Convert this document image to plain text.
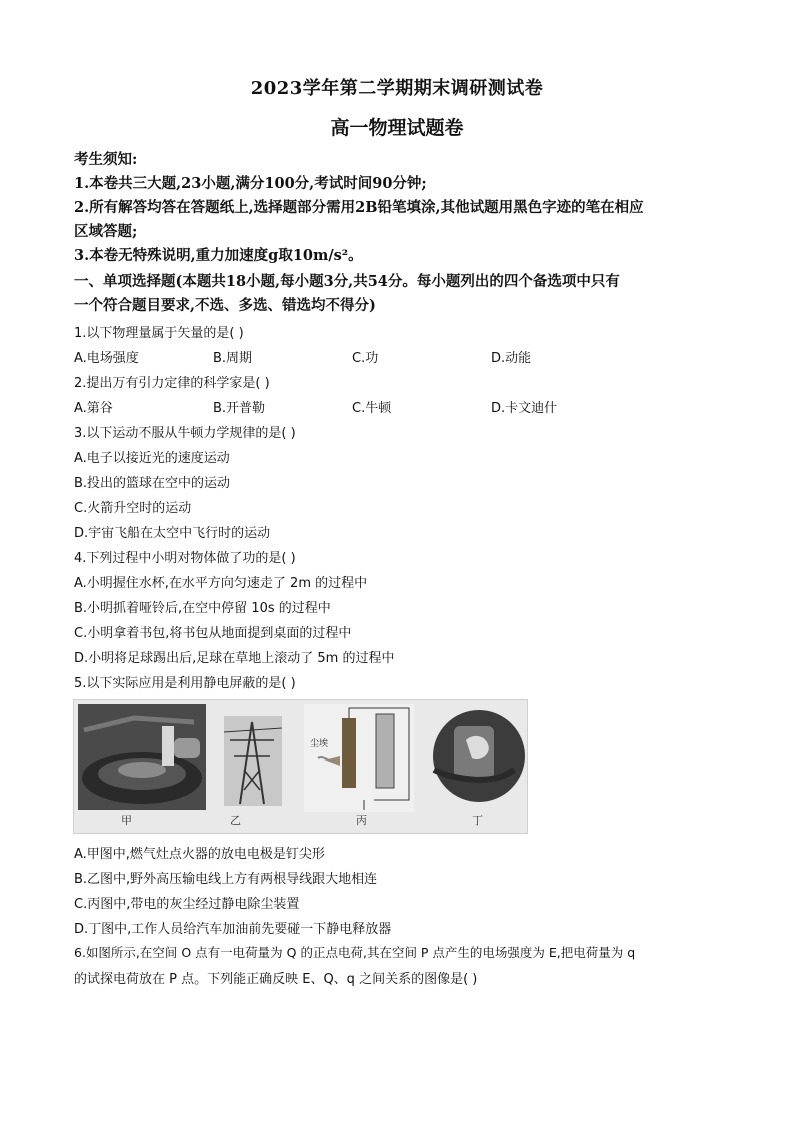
2023学年第二学期期末调研测试卷
高一物理试题卷
考生须知:
1.本卷共三大题,23小题,满分100分,考试时间90分钟;
2.所有解答均答在答题纸上,选择题部分需用2B铅笔填涂,其他试题用黑色字迹的笔在相应
区域答题;
3.本卷无特殊说明,重力加速度g取10m/s²。
一、单项选择题(本题共18小题,每小题3分,共54分。每小题列出的四个备选项中只有
一个符合题目要求,不选、多选、错选均不得分)
1.以下物理量属于矢量的是( )
A.电场强度	B.周期	C.功	D.动能
2.提出万有引力定律的科学家是( )
A.第谷	B.开普勒	C.牛顿	D.卡文迪什
3.以下运动不服从牛顿力学规律的是( )
A.电子以接近光的速度运动
B.投出的篮球在空中的运动
C.火箭升空时的运动
D.宇宙飞船在太空中飞行时的运动
4.下列过程中小明对物体做了功的是( )
A.小明握住水杯,在水平方向匀速走了 2m 的过程中
B.小明抓着哑铃后,在空中停留 10s 的过程中
C.小明拿着书包,将书包从地面提到桌面的过程中
D.小明将足球踢出后,足球在草地上滚动了 5m 的过程中
5.以下实际应用是利用静电屏蔽的是( )
尘埃
甲	乙	丙	丁
A.甲图中,燃气灶点火器的放电电极是钉尖形
B.乙图中,野外高压输电线上方有两根导线跟大地相连
C.丙图中,带电的灰尘经过静电除尘装置
D.丁图中,工作人员给汽车加油前先要碰一下静电释放器
6.如图所示,在空间 O 点有一电荷量为 Q 的正点电荷,其在空间 P 点产生的电场强度为 E,把电荷量为 q
的试探电荷放在 P 点。下列能正确反映 E、Q、q 之间关系的图像是( )
